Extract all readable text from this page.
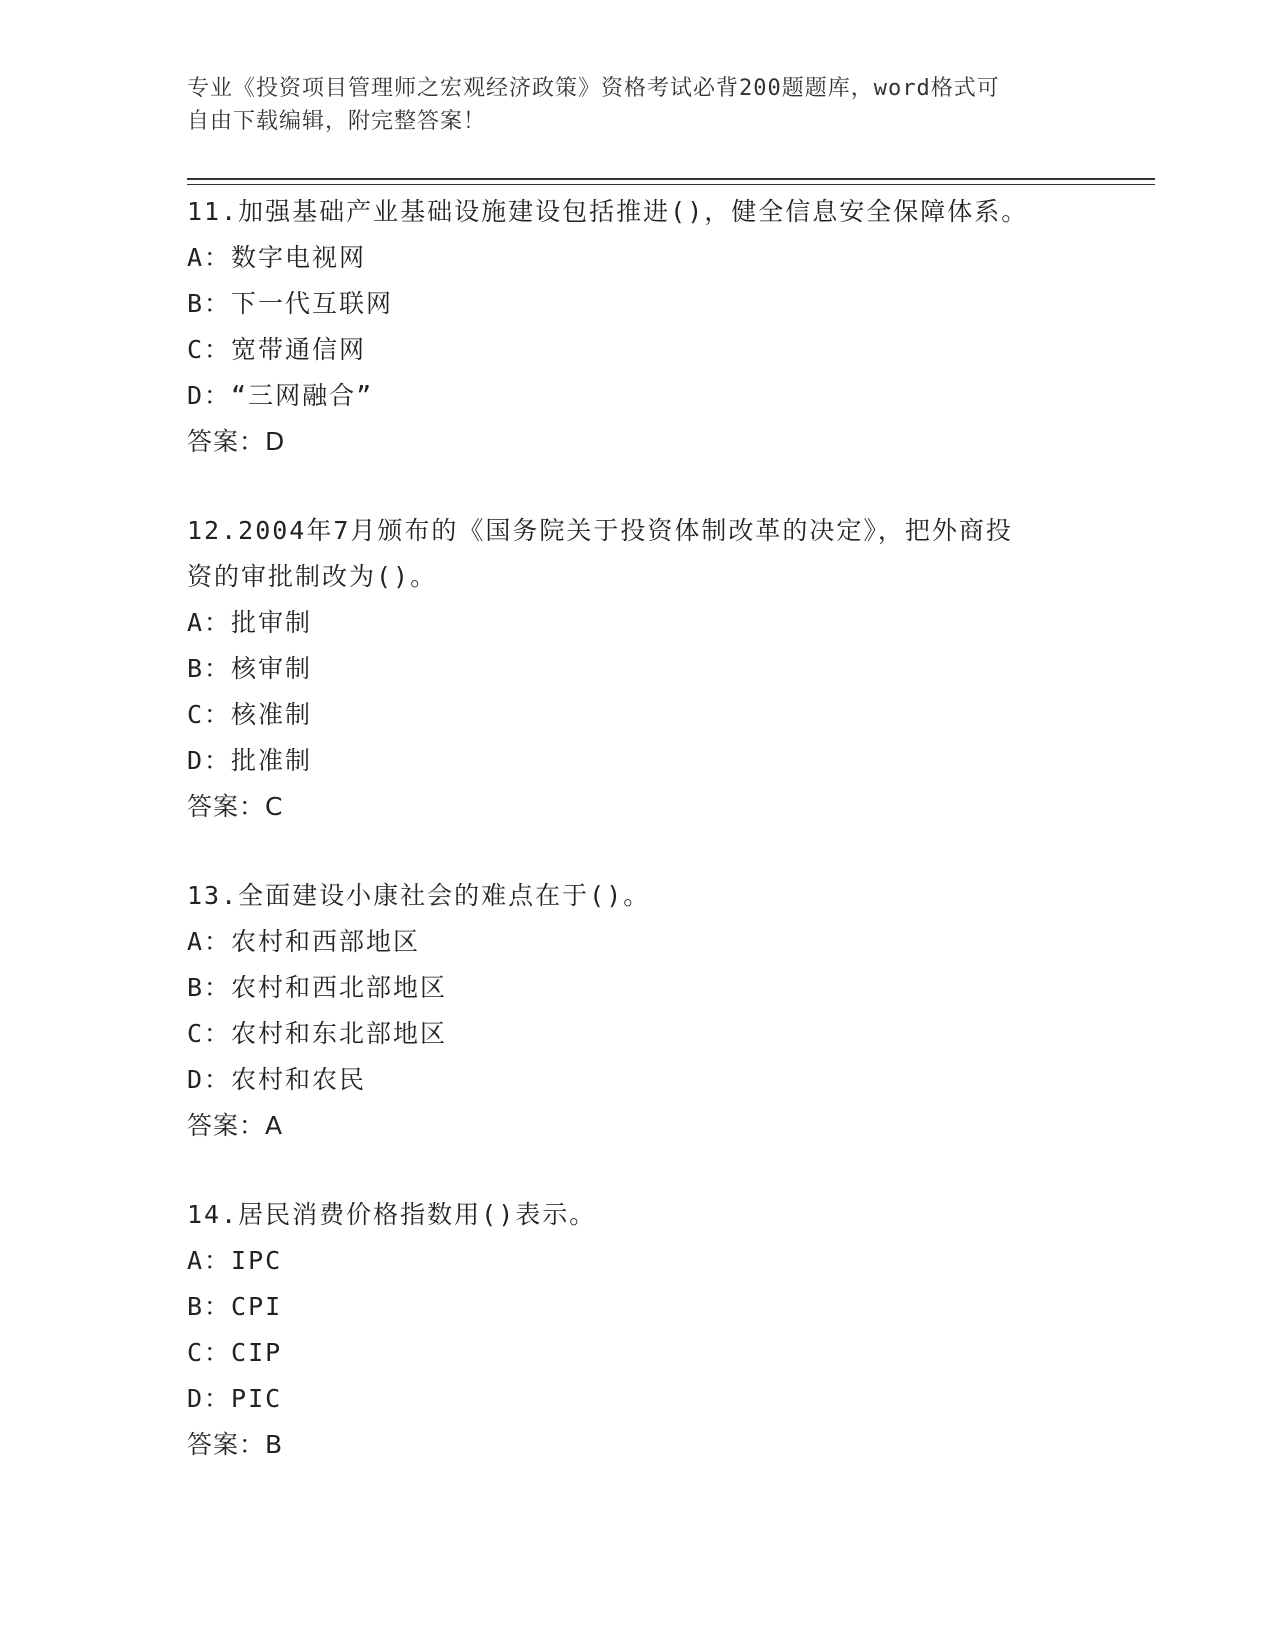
专业《投资项目管理师之宏观经济政策》资格考试必背200题题库，word格式可
自由下载编辑，附完整答案！
11.加强基础产业基础设施建设包括推进()，健全信息安全保障体系。
A：数字电视网
B：下一代互联网
C：宽带通信网
D：“三网融合”
答案：D
12.2004年7月颁布的《国务院关于投资体制改革的决定》，把外商投
资的审批制改为()。
A：批审制
B：核审制
C：核准制
D：批准制
答案：C
13.全面建设小康社会的难点在于()。
A：农村和西部地区
B：农村和西北部地区
C：农村和东北部地区
D：农村和农民
答案：A
14.居民消费价格指数用()表示。
A：IPC
B：CPI
C：CIP
D：PIC
答案：B
